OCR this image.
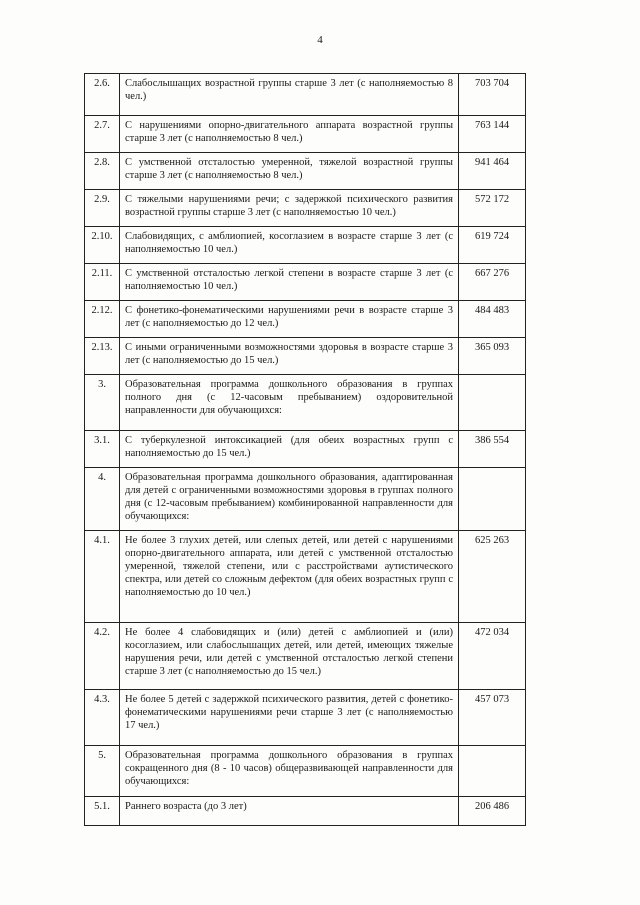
4
2.6.	Слабослышащих возрастной группы старше 3 лет (с наполняемостью 8 чел.)	703 704
2.7.	С нарушениями опорно-двигательного аппарата возрастной группы старше 3 лет (с наполняемостью 8 чел.)	763 144
2.8.	С умственной отсталостью умеренной, тяжелой возрастной группы старше 3 лет (с наполняемостью 8 чел.)	941 464
2.9.	С тяжелыми нарушениями речи; с задержкой психического развития возрастной группы старше 3 лет (с наполняемостью 10 чел.)	572 172
2.10.	Слабовидящих, с амблиопией, косоглазием в возрасте старше 3 лет (с наполняемостью 10 чел.)	619 724
2.11.	С умственной отсталостью легкой степени в возрасте старше 3 лет (с наполняемостью 10 чел.)	667 276
2.12.	С фонетико-фонематическими нарушениями речи в возрасте старше 3 лет (с наполняемостью до 12 чел.)	484 483
2.13.	С иными ограниченными возможностями здоровья в возрасте старше 3 лет (с наполняемостью до 15 чел.)	365 093
3.	Образовательная программа дошкольного образования в группах полного дня (с 12-часовым пребыванием) оздоровительной направленности для обучающихся:	
3.1.	С туберкулезной интоксикацией (для обеих возрастных групп с наполняемостью до 15 чел.)	386 554
4.	Образовательная программа дошкольного образования, адаптированная для детей с ограниченными возможностями здоровья в группах полного дня (с 12-часовым пребыванием) комбинированной направленности для обучающихся:	
4.1.	Не более 3 глухих детей, или слепых детей, или детей с нарушениями опорно-двигательного аппарата, или детей с умственной отсталостью умеренной, тяжелой степени, или с расстройствами аутистического спектра, или детей со сложным дефектом (для обеих возрастных групп с наполняемостью до 10 чел.)	625 263
4.2.	Не более 4 слабовидящих и (или) детей с амблиопией и (или) косоглазием, или слабослышащих детей, или детей, имеющих тяжелые нарушения речи, или детей с умственной отсталостью легкой степени старше 3 лет (с наполняемостью до 15 чел.)	472 034
4.3.	Не более 5 детей с задержкой психического развития, детей с фонетико-фонематическими нарушениями речи старше 3 лет (с наполняемостью 17 чел.)	457 073
5.	Образовательная программа дошкольного образования в группах сокращенного дня (8 - 10 часов) общеразвивающей направленности для обучающихся:	
5.1.	Раннего возраста (до 3 лет)	206 486
